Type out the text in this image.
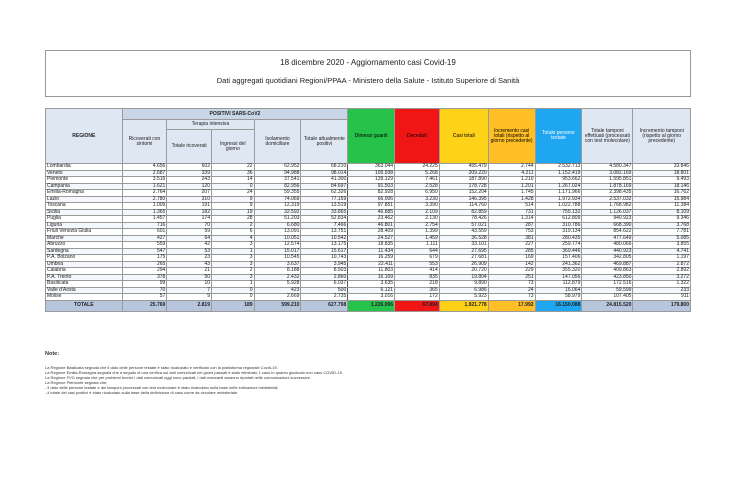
18 dicembre 2020 - Aggiornamento casi Covid-19
Dati aggregati quotidiani Regioni/PPAA - Ministero della Salute - Istituto Superiore di Sanità
REGIONE	POSITIVI SARS-CoV2					Dimessi guariti	Deceduti	Casi totali	Incremento casi totali (rispetto al giorno precedente)	Totale persone testate	Totale tamponi effettuati (processati con test molecolare)	Incremento tamponi (rispetto al giorno precedente)
	Ricoverati con sintomi	Terapia intensiva		Isolamento domiciliare	Totale attualmente positivi							
		Totale ricoverati	Ingressi del giorno									
Lombardia	4.656	602	22	62.952	68.210	363.044	24.225	455.479	2.744	2.532.713	4.580.347	33.846
Veneto	2.687	339	36	94.988	98.014	105.938	5.268	209.220	4.211	1.152.419	3.082.169	18.801
Piemonte	3.516	243	14	37.541	41.300	139.129	7.461	187.890	1.210	953.662	1.595.851	9.493
Campania	1.621	120	0	82.956	84.697	91.503	2.528	178.728	1.201	1.267.024	1.878.169	18.146
Emilia-Romagna	2.764	207	24	59.355	62.326	82.928	6.950	152.204	1.745	1.171.966	2.398.435	16.762
Lazio	2.780	310	9	74.069	77.159	66.006	3.230	146.395	1.428	1.972.934	2.537.032	15.984
Toscana	1.009	191	9	12.319	13.519	97.851	3.390	114.760	514	1.022.788	1.768.982	11.384
Sicilia	1.365	182	19	32.592	33.865	46.885	2.109	82.859	731	755.132	1.126.037	8.109
Puglia	1.457	174	28	51.203	52.834	23.462	2.130	78.426	1.314	612.809	940.923	9.346
Liguria	716	70	2	6.680	7.466	46.801	2.754	57.021	287	310.786	668.390	3.768
Friuli Venezia Giulia	601	59	6	13.091	13.751	28.409	1.399	43.559	753	319.134	854.622	7.781
Marche	427	64	4	10.051	10.542	24.527	1.459	36.528	381	280.435	477.649	5.085
Abruzzo	559	42	3	12.574	13.175	18.835	1.111	33.101	227	259.774	480.066	3.855
Sardegna	547	53	1	15.017	15.617	11.434	644	27.695	285	369.446	440.923	4.741
P.A. Bolzano	175	23	3	10.545	10.743	16.259	679	27.681	169	157.406	342.805	1.197
Umbria	265	43	3	3.637	3.945	22.411	553	26.909	142	241.362	469.887	2.872
Calabria	294	21	2	8.188	8.503	11.803	414	20.720	229	355.320	409.863	2.892
P.A. Trento	378	50	3	2.432	2.860	16.109	835	19.804	251	147.056	423.850	3.272
Basilicata	99	10	1	5.928	6.037	3.635	218	9.890	73	112.879	172.516	1.322
Valle d'Aosta	70	7	0	423	500	6.121	365	6.986	24	16.064	59.599	233
Molise	57	9	0	2.669	2.735	3.016	172	5.923	73	58.979	107.405	911
TOTALE	25.769	2.819	189	599.210	627.798	1.226.006	67.894	1.921.778	17.992	16.150.088	24.815.520	179.800
Note:
La Regione Basilicata segnala che il dato delle persone testate è stato ricalcolato e verificato con la piattaforma regionale Covid-19.
La Regione Emilia-Romagna segnala che a seguito di una verifica sui dati comunicati nei giorni passati è stato eliminato 1 caso in quanto giudicato non caso COVID-19.
La Regione FVG segnala che per problemi tecnici i dati comunicati oggi sono parziali, i dati mancanti saranno riportati nelle comunicazioni successive.
La Regione Piemonte segnala che:
- il dato delle persone testate e dei tamponi processati con test molecolare è stato ricalcolato sulla base delle indicazioni ministeriali.
- il totale dei casi positivi è stato ricalcolato sulla base della definizione di caso come da circolare ministeriale.
